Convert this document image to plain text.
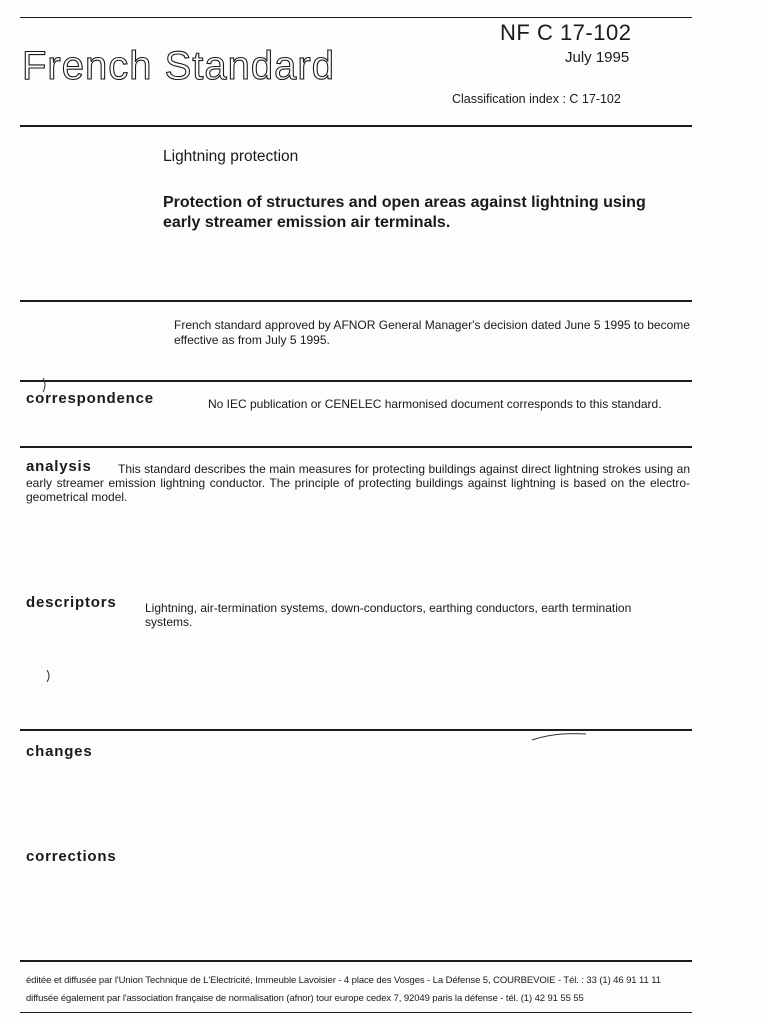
NF C 17-102
July 1995
French Standard
Classification index : C 17-102
Lightning protection
Protection of structures and open areas against lightning using early streamer emission air terminals.
French standard approved by AFNOR General Manager's decision dated June 5 1995 to become effective as from July 5 1995.
correspondence	No IEC publication or CENELEC harmonised document corresponds to this standard.
analysis	This standard describes the main measures for protecting buildings against direct lightning strokes using an early streamer emission lightning conductor. The principle of protecting buildings against lightning is based on the electro-geometrical model.
descriptors	Lightning, air-termination systems, down-conductors, earthing conductors, earth termination systems.
changes
corrections
éditée et diffusée par l'Union Technique de L'Electricité, Immeuble Lavoisier - 4 place des Vosges - La Défense 5, COURBEVOIE - Tél. : 33 (1) 46 91 11 11
diffusée également par l'association française de normalisation (afnor) tour europe cedex 7, 92049 paris la défense - tél. (1) 42 91 55 55
